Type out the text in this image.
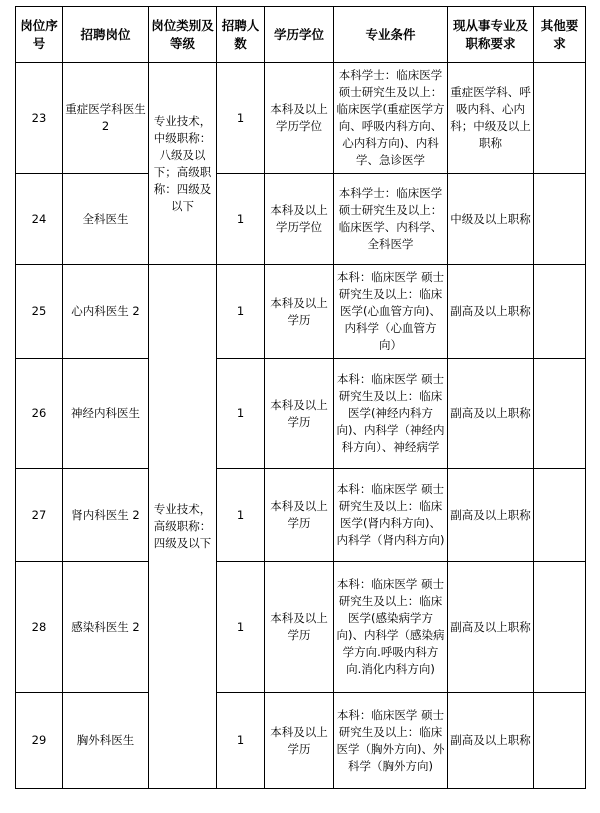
岗位序号	招聘岗位	岗位类别及等级	招聘人数	学历学位	专业条件	现从事专业及职称要求	其他要求

23	重症医学科医生 2	专业技术，中级职称：八级及以下；高级职称：四级及以下	1	本科及以上学历学位	本科学士：临床医学 硕士研究生及以上：临床医学(重症医学方向、呼吸内科方向、心内科方向)、内科学、急诊医学	重症医学科、呼吸内科、心内科；中级及以上职称	

24	全科医生		1	本科及以上学历学位	本科学士：临床医学 硕士研究生及以上：临床医学、内科学、全科医学	中级及以上职称	

25	心内科医生 2	专业技术，高级职称：四级及以下	1	本科及以上学历	本科：临床医学 硕士研究生及以上：临床医学(心血管方向)、内科学（心血管方向）	副高及以上职称	

26	神经内科医生		1	本科及以上学历	本科：临床医学 硕士研究生及以上：临床医学(神经内科方向)、内科学（神经内科方向）、神经病学	副高及以上职称	

27	肾内科医生 2		1	本科及以上学历	本科：临床医学 硕士研究生及以上：临床医学(肾内科方向)、内科学（肾内科方向)	副高及以上职称	

28	感染科医生 2		1	本科及以上学历	本科：临床医学 硕士研究生及以上：临床医学(感染病学方向)、内科学（感染病学方向.呼吸内科方向.消化内科方向)	副高及以上职称	

29	胸外科医生		1	本科及以上学历	本科：临床医学 硕士研究生及以上：临床医学（胸外方向)、外科学（胸外方向)	副高及以上职称	
